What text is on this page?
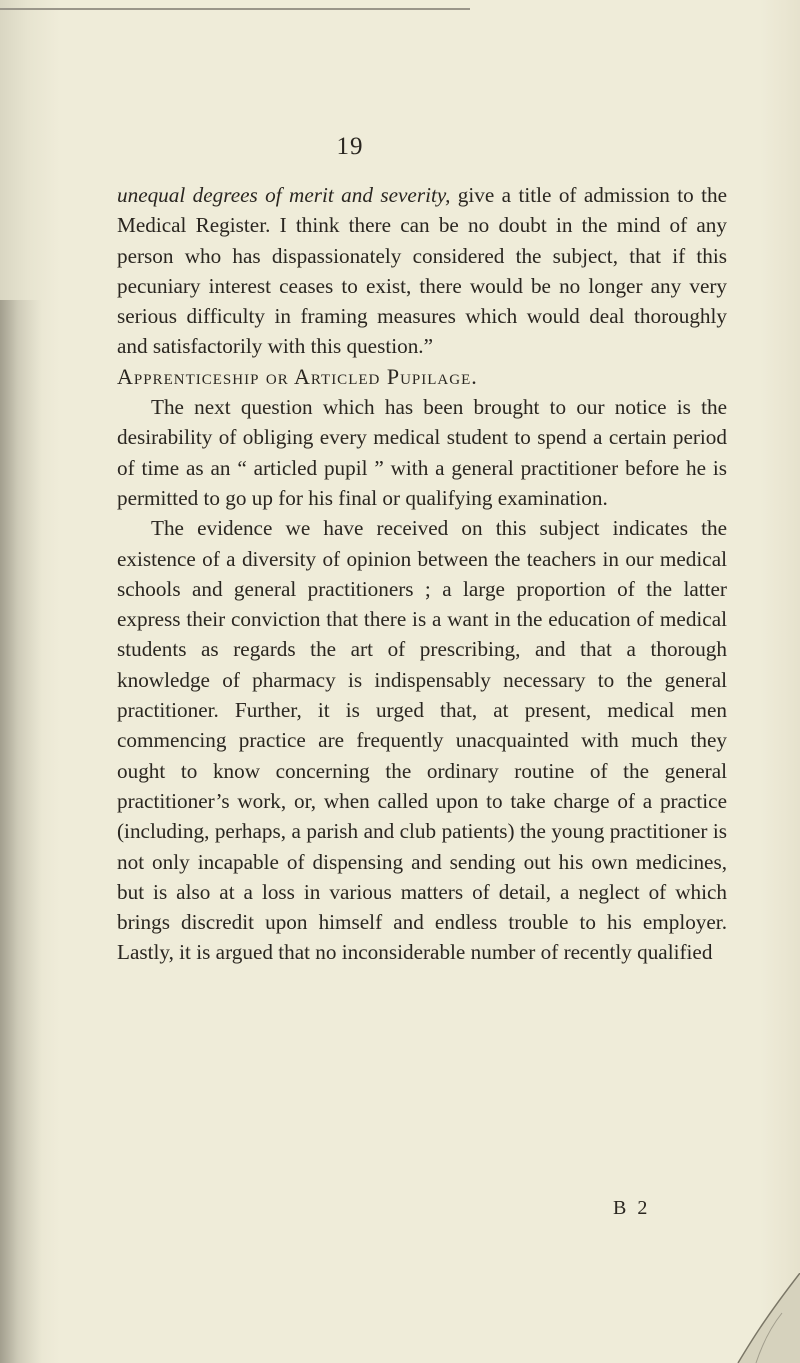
19

unequal degrees of merit and severity, give a title of admission to the Medical Register. I think there can be no doubt in the mind of any person who has dispassionately considered the subject, that if this pecuniary interest ceases to exist, there would be no longer any very serious difficulty in framing measures which would deal thoroughly and satisfactorily with this question.”

Apprenticeship or Articled Pupilage.

The next question which has been brought to our notice is the desirability of obliging every medical student to spend a certain period of time as an “ articled pupil ” with a general practitioner before he is permitted to go up for his final or qualifying examination.

The evidence we have received on this subject indicates the existence of a diversity of opinion between the teachers in our medical schools and general practitioners ; a large proportion of the latter express their conviction that there is a want in the education of medical students as regards the art of prescribing, and that a thorough knowledge of pharmacy is indispensably necessary to the general practitioner. Further, it is urged that, at present, medical men commencing practice are frequently unacquainted with much they ought to know concerning the ordinary routine of the general practitioner’s work, or, when called upon to take charge of a practice (including, perhaps, a parish and club patients) the young practitioner is not only incapable of dispensing and sending out his own medicines, but is also at a loss in various matters of detail, a neglect of which brings discredit upon himself and endless trouble to his employer. Lastly, it is argued that no inconsiderable number of recently qualified

B 2
